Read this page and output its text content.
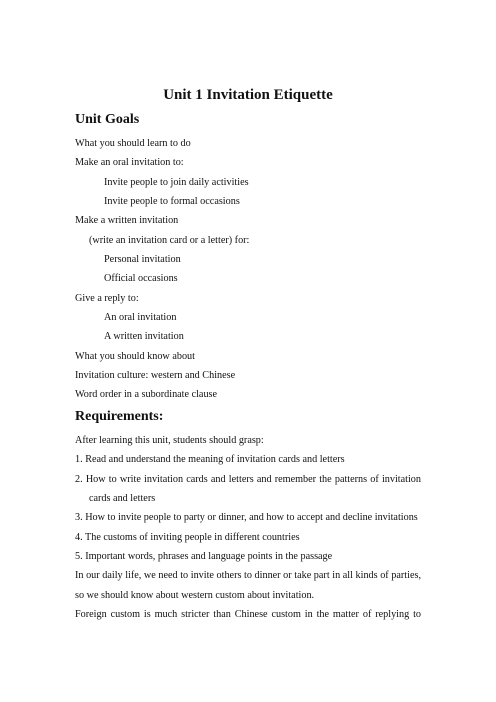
Unit 1 Invitation Etiquette
Unit Goals
What you should learn to do
Make an oral invitation to:
Invite people to join daily activities
Invite people to formal occasions
Make a written invitation
(write an invitation card or a letter) for:
Personal invitation
Official occasions
Give a reply to:
An oral invitation
A written invitation
What you should know about
Invitation culture: western and Chinese
Word order in a subordinate clause
Requirements:
After learning this unit, students should grasp:
1. Read and understand the meaning of invitation cards and letters
2. How to write invitation cards and letters and remember the patterns of invitation
cards and letters
3. How to invite people to party or dinner, and how to accept and decline invitations
4. The customs of inviting people in different countries
5. Important words, phrases and language points in the passage
In our daily life, we need to invite others to dinner or take part in all kinds of parties,
so we should know about western custom about invitation.
Foreign custom is much stricter than Chinese custom in the matter of replying to
